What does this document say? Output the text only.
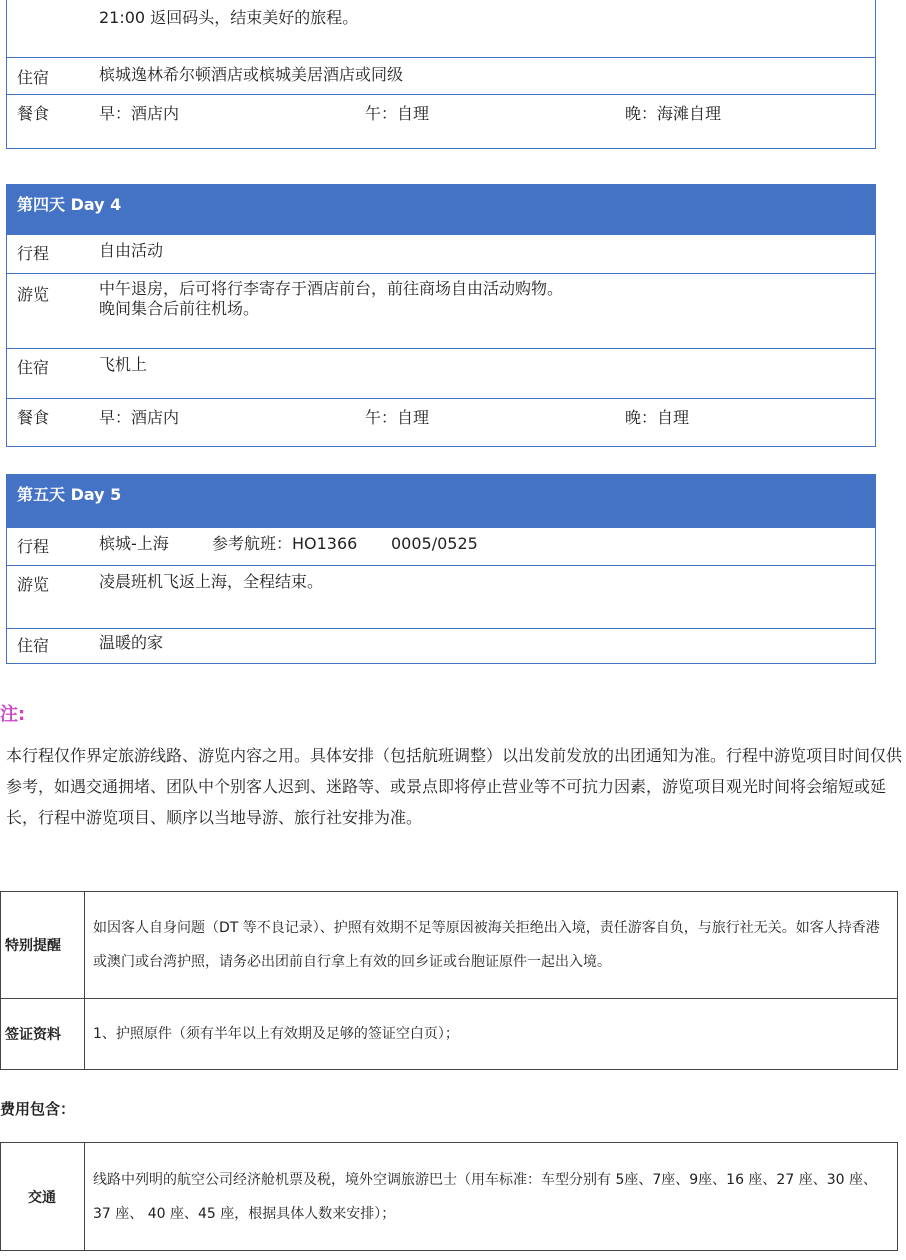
21:00 返回码头，结束美好的旅程。
住宿	槟城逸林希尔顿酒店或槟城美居酒店或同级
餐食	早：酒店内	午：自理	晚：海滩自理
第四天 Day 4
行程	自由活动
游览	中午退房，后可将行李寄存于酒店前台，前往商场自由活动购物。
晚间集合后前往机场。
住宿	飞机上
餐食	早：酒店内	午：自理	晚：自理
第五天 Day 5
行程	槟城-上海	参考航班：HO1366 0005/0525
游览	凌晨班机飞返上海，全程结束。
住宿	温暖的家
注:
本行程仅作界定旅游线路、游览内容之用。具体安排（包括航班调整）以出发前发放的出团通知为准。行程中游览项目时间仅供参考，如遇交通拥堵、团队中个别客人迟到、迷路等、或景点即将停止营业等不可抗力因素，游览项目观光时间将会缩短或延长，行程中游览项目、顺序以当地导游、旅行社安排为准。
特别提醒	如因客人自身问题（DT 等不良记录）、护照有效期不足等原因被海关拒绝出入境，责任游客自负，与旅行社无关。如客人持香港或澳门或台湾护照，请务必出团前自行拿上有效的回乡证或台胞证原件一起出入境。
签证资料	1、护照原件（须有半年以上有效期及足够的签证空白页）；
费用包含：
交通	线路中列明的航空公司经济舱机票及税，境外空调旅游巴士（用车标准：车型分别有 5座、7座、9座、16 座、27 座、30 座、37 座、 40 座、45 座，根据具体人数来安排）；
